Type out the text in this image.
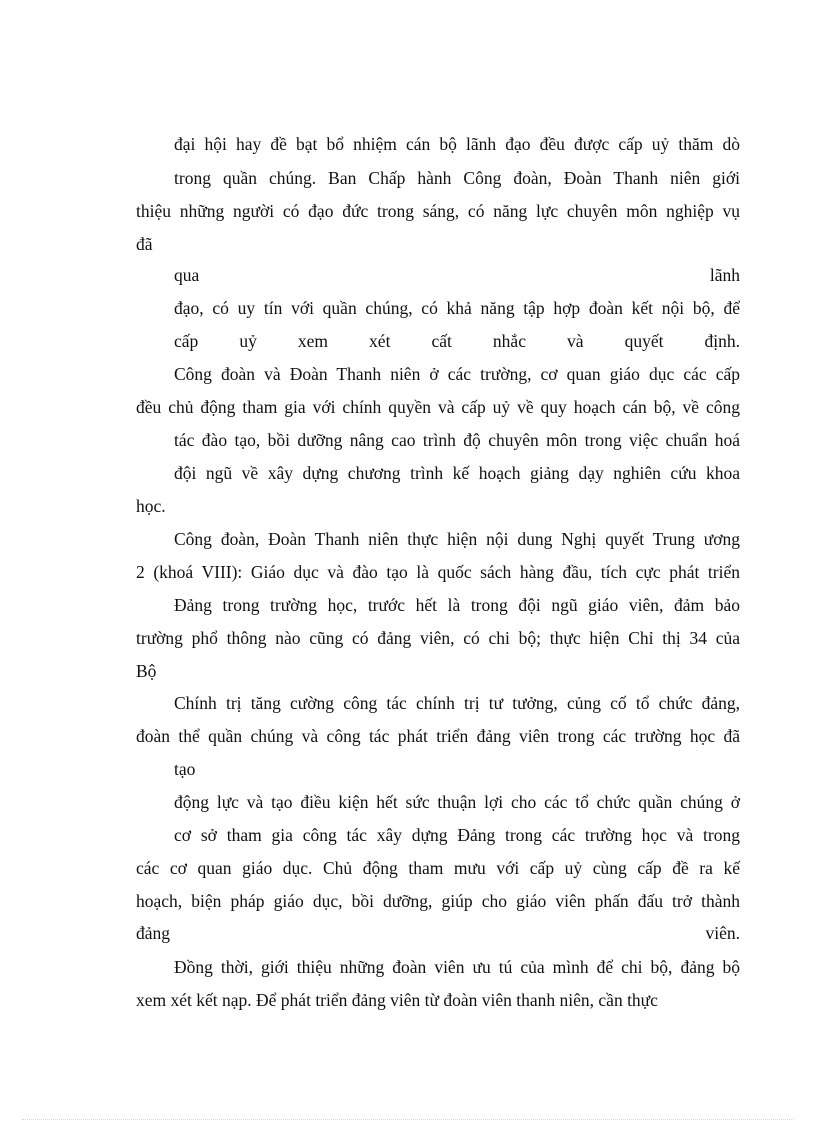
đại hội hay đề bạt bổ nhiệm cán bộ lãnh đạo đều được cấp uỷ thăm dò
trong quần chúng. Ban Chấp hành Công đoàn, Đoàn Thanh niên giới
thiệu những người có đạo đức trong sáng, có năng lực chuyên môn nghiệp vụ
đã
qua	lãnh
đạo, có uy tín với quần chúng, có khả năng tập hợp đoàn kết nội bộ, để
cấp uỷ xem xét cất nhắc và quyết định.
Công đoàn và Đoàn Thanh niên ở các trường, cơ quan giáo dục các cấp
đều chủ động tham gia với chính quyền và cấp uỷ về quy hoạch cán bộ, về công
tác đào tạo, bồi dưỡng nâng cao trình độ chuyên môn trong việc chuẩn hoá
đội ngũ về xây dựng chương trình kế hoạch giảng dạy nghiên cứu khoa
học.
Công đoàn, Đoàn Thanh niên thực hiện nội dung Nghị quyết Trung ương
2 (khoá VIII): Giáo dục và đào tạo là quốc sách hàng đầu, tích cực phát triển
Đảng trong trường học, trước hết là trong đội ngũ giáo viên, đảm bảo
trường phổ thông nào cũng có đảng viên, có chi bộ; thực hiện Chỉ thị 34 của
Bộ
Chính trị tăng cường công tác chính trị tư tưởng, củng cố tổ chức đảng,
đoàn thể quần chúng và công tác phát triển đảng viên trong các trường học đã
tạo
động lực và tạo điều kiện hết sức thuận lợi cho các tổ chức quần chúng ở
cơ sở tham gia công tác xây dựng Đảng trong các trường học và trong
các cơ quan giáo dục. Chủ động tham mưu với cấp uỷ cùng cấp đề ra kế
hoạch, biện pháp giáo dục, bồi dưỡng, giúp cho giáo viên phấn đấu trở thành
đảng	viên.
Đồng thời, giới thiệu những đoàn viên ưu tú của mình để chi bộ, đảng bộ
xem xét kết nạp. Để phát triển đảng viên từ đoàn viên thanh niên, cần thực
